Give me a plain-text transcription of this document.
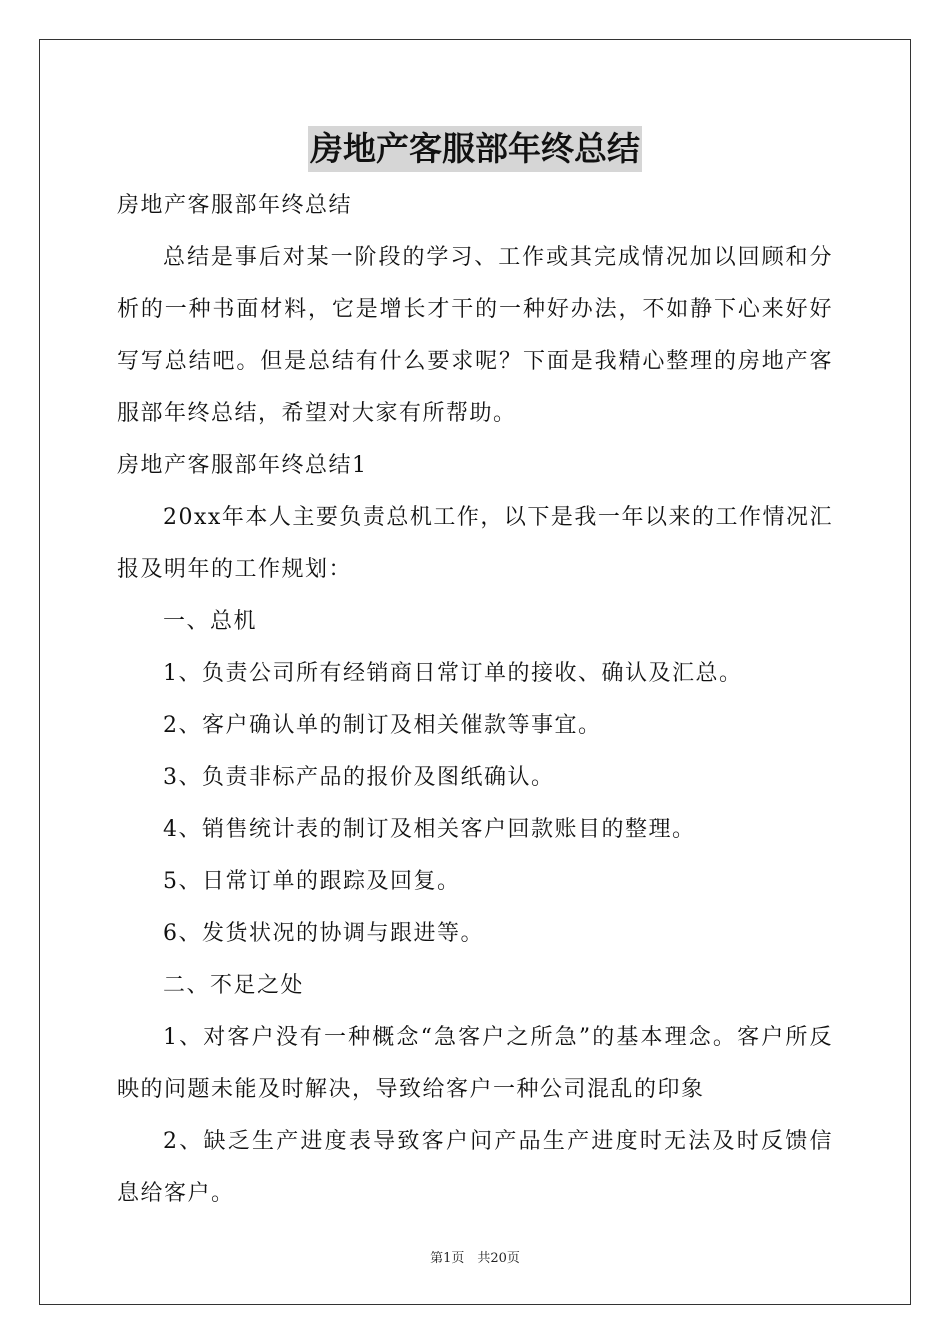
房地产客服部年终总结

房地产客服部年终总结

总结是事后对某一阶段的学习、工作或其完成情况加以回顾和分析的一种书面材料，它是增长才干的一种好办法，不如静下心来好好写写总结吧。但是总结有什么要求呢？下面是我精心整理的房地产客服部年终总结，希望对大家有所帮助。

房地产客服部年终总结1

20xx年本人主要负责总机工作，以下是我一年以来的工作情况汇报及明年的工作规划：

一、总机

1、负责公司所有经销商日常订单的接收、确认及汇总。

2、客户确认单的制订及相关催款等事宜。

3、负责非标产品的报价及图纸确认。

4、销售统计表的制订及相关客户回款账目的整理。

5、日常订单的跟踪及回复。

6、发货状况的协调与跟进等。

二、不足之处

1、对客户没有一种概念“急客户之所急”的基本理念。客户所反映的问题未能及时解决，导致给客户一种公司混乱的印象

2、缺乏生产进度表导致客户问产品生产进度时无法及时反馈信息给客户。

第1页　共20页
